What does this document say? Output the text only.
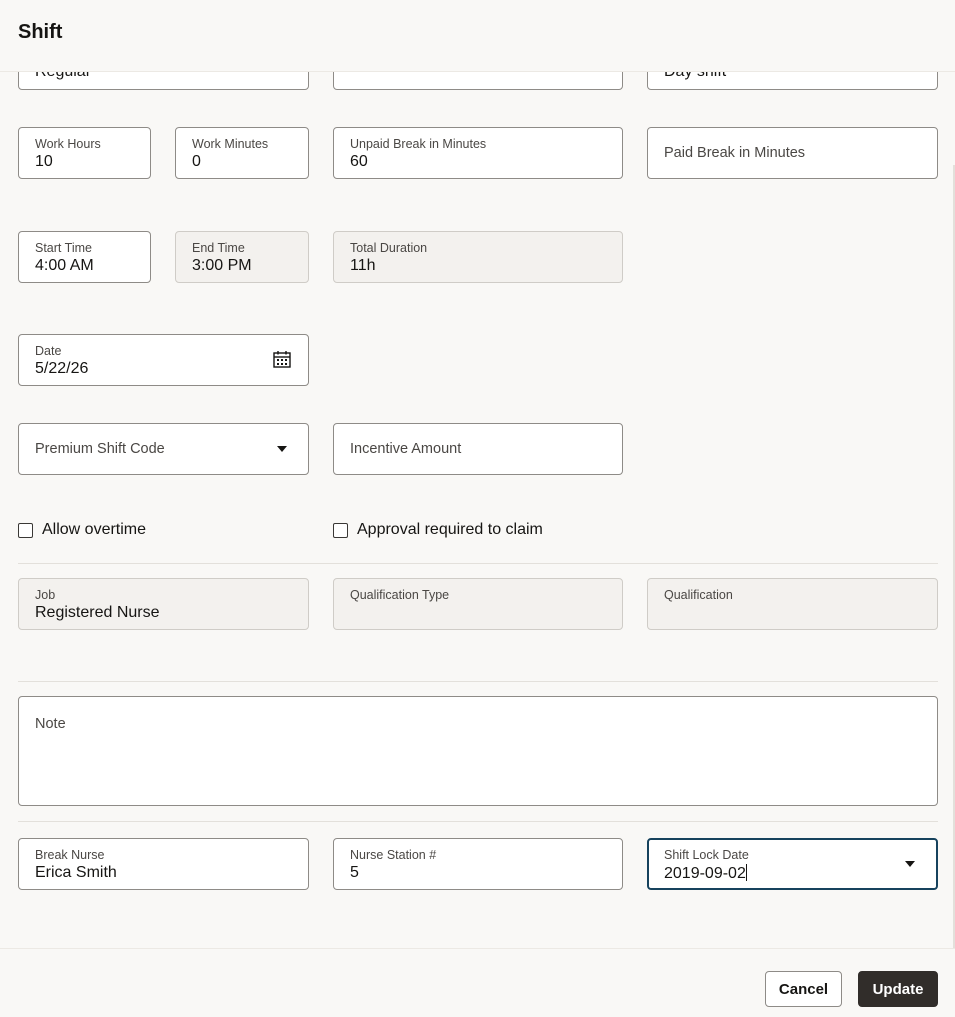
Shift
Work Hours
10
Work Minutes
0
Unpaid Break in Minutes
60	Paid Break in Minutes
Start Time
4:00 AM
End Time
3:00 PM
Total Duration
11h
Date
5/22/26
Premium Shift Code	Incentive Amount
Allow overtime	Approval required to claim
Job
Registered Nurse
Qualification Type	Qualification
Note
Break Nurse
Erica Smith
Nurse Station #
5
Shift Lock Date
2019-09-02
Cancel	Update
